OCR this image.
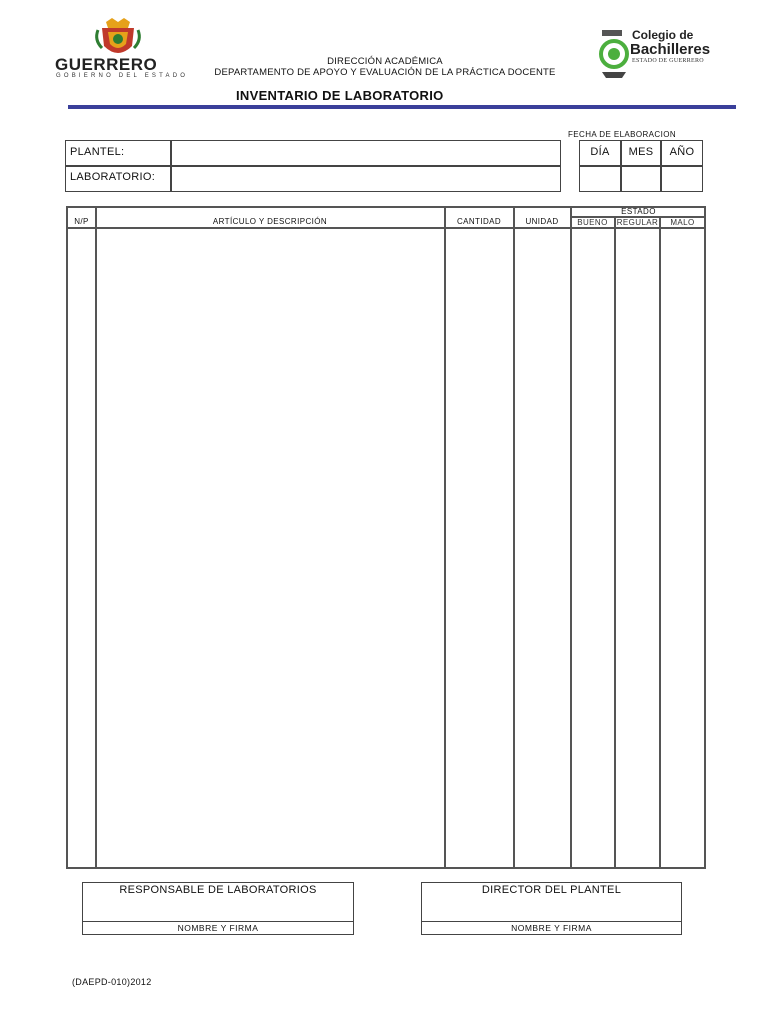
GUERRERO
GOBIERNO DEL ESTADO
DIRECCIÓN ACADÉMICA
DEPARTAMENTO DE APOYO Y EVALUACIÓN DE LA PRÁCTICA DOCENTE
Colegio de
Bachilleres
ESTADO DE GUERRERO
INVENTARIO DE LABORATORIO
FECHA DE ELABORACION
PLANTEL:
LABORATORIO:
DÍA	MES	AÑO
N/P	ARTÍCULO Y DESCRIPCIÓN	CANTIDAD	UNIDAD
ESTADO
BUENO	REGULAR	MALO
RESPONSABLE DE LABORATORIOS
NOMBRE Y FIRMA
DIRECTOR DEL PLANTEL
NOMBRE Y FIRMA
(DAEPD-010)2012
